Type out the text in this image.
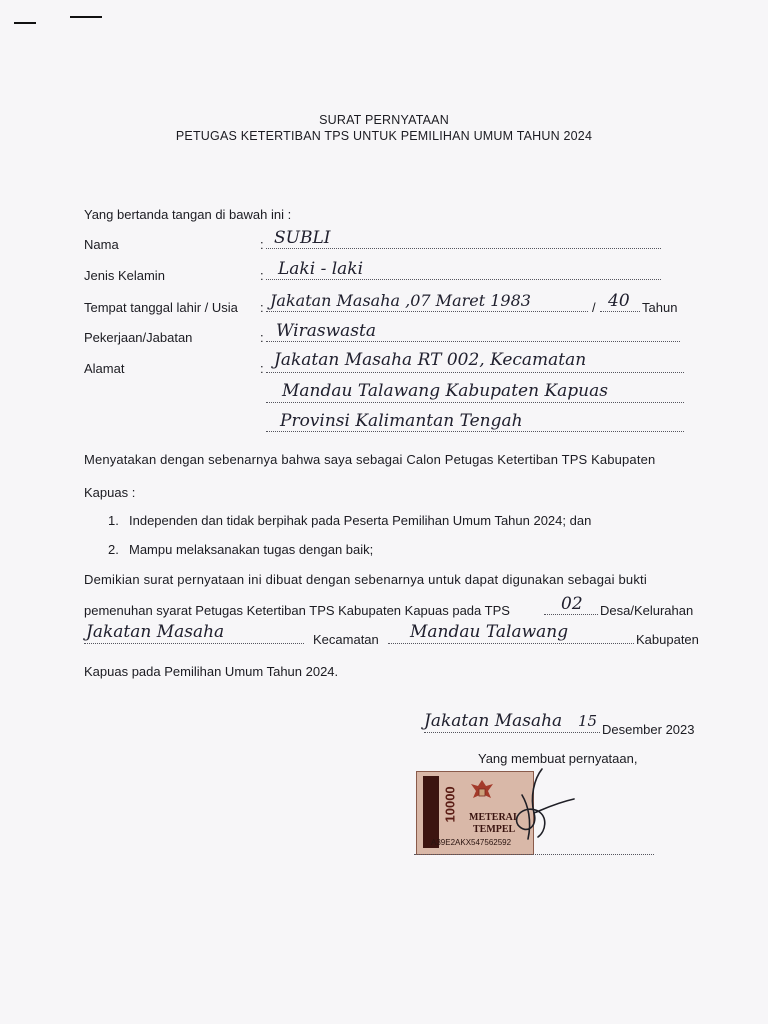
SURAT PERNYATAAN
PETUGAS KETERTIBAN TPS UNTUK PEMILIHAN UMUM TAHUN 2024
Yang bertanda tangan di bawah ini :
Nama	: SUBLI
Jenis Kelamin	: Laki - laki
Tempat tanggal lahir / Usia : Jakatan Masaha ,07 Maret 1983	/ 40 Tahun
Pekerjaan/Jabatan	: Wiraswasta
Alamat	: Jakatan Masaha RT 002, Kecamatan
Mandau Talawang Kabupaten Kapuas
Provinsi Kalimantan Tengah
Menyatakan dengan sebenarnya bahwa saya sebagai Calon Petugas Ketertiban TPS Kabupaten
Kapuas :
1. Independen dan tidak berpihak pada Peserta Pemilihan Umum Tahun 2024; dan
2. Mampu melaksanakan tugas dengan baik;
Demikian surat pernyataan ini dibuat dengan sebenarnya untuk dapat digunakan sebagai bukti
pemenuhan syarat Petugas Ketertiban TPS Kabupaten Kapuas pada TPS	02 Desa/Kelurahan
Jakatan Masaha	Kecamatan Mandau Talawang	Kabupaten
Kapuas pada Pemilihan Umum Tahun 2024.
Jakatan Masaha 15 Desember 2023
Yang membuat pernyataan,
10000 METERAI
TEMPEL
A39E2AKX547562592
